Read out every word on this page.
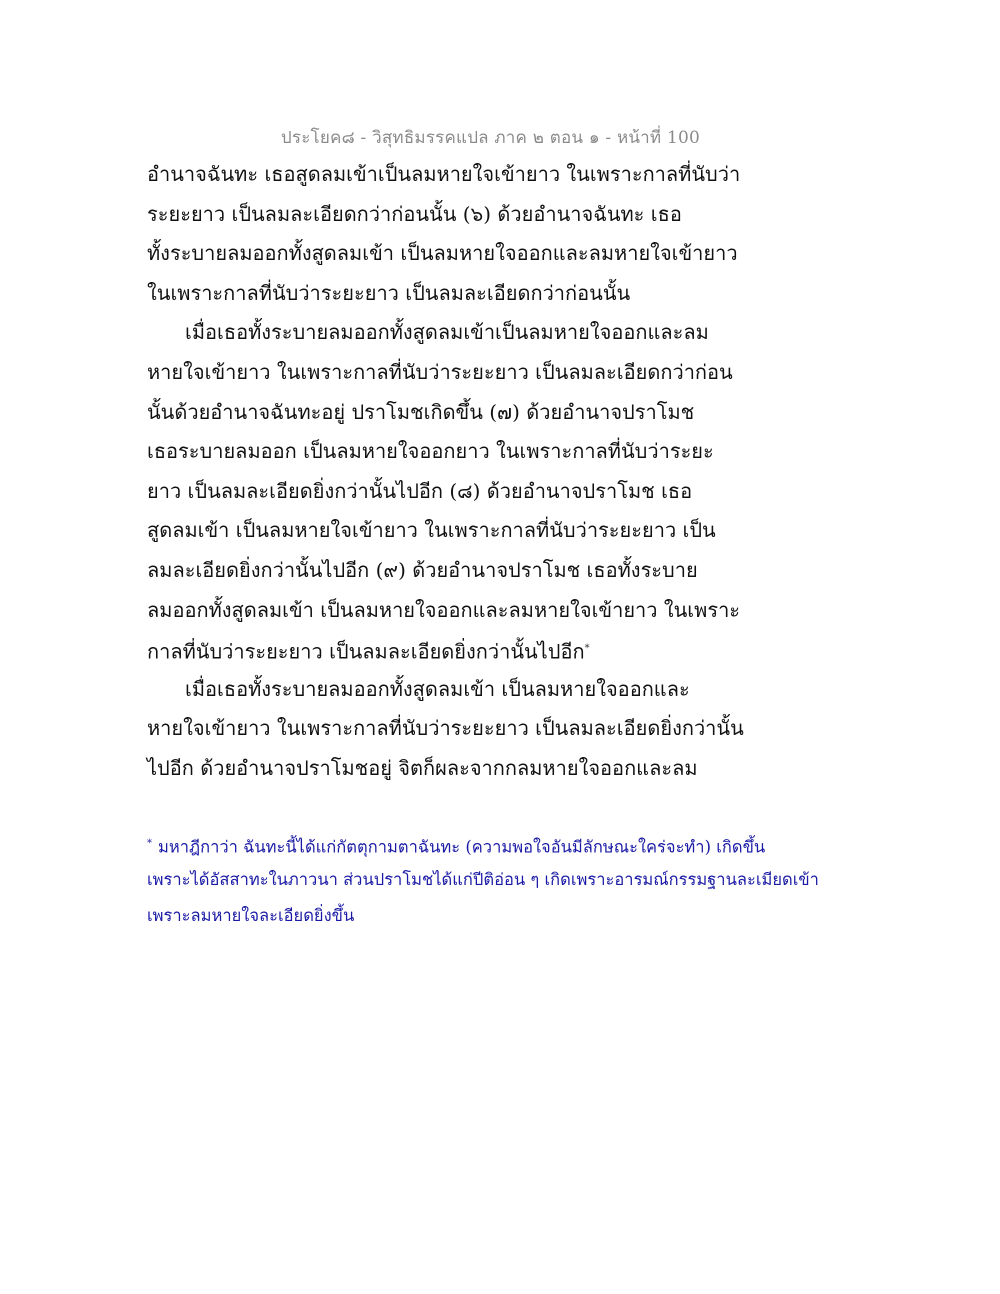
ประโยค๘ - วิสุทธิมรรคแปล ภาค ๒ ตอน ๑ - หน้าที่ 100
อำนาจฉันทะ เธอสูดลมเข้าเป็นลมหายใจเข้ายาว ในเพราะกาลที่นับว่า
ระยะยาว เป็นลมละเอียดกว่าก่อนนั้น (๖) ด้วยอำนาจฉันทะ เธอ
ทั้งระบายลมออกทั้งสูดลมเข้า เป็นลมหายใจออกและลมหายใจเข้ายาว
ในเพราะกาลที่นับว่าระยะยาว เป็นลมละเอียดกว่าก่อนนั้น
เมื่อเธอทั้งระบายลมออกทั้งสูดลมเข้าเป็นลมหายใจออกและลม
หายใจเข้ายาว ในเพราะกาลที่นับว่าระยะยาว เป็นลมละเอียดกว่าก่อน
นั้นด้วยอำนาจฉันทะอยู่ ปราโมชเกิดขึ้น (๗) ด้วยอำนาจปราโมช
เธอระบายลมออก เป็นลมหายใจออกยาว ในเพราะกาลที่นับว่าระยะ
ยาว เป็นลมละเอียดยิ่งกว่านั้นไปอีก (๘) ด้วยอำนาจปราโมช เธอ
สูดลมเข้า เป็นลมหายใจเข้ายาว ในเพราะกาลที่นับว่าระยะยาว เป็น
ลมละเอียดยิ่งกว่านั้นไปอีก (๙) ด้วยอำนาจปราโมช เธอทั้งระบาย
ลมออกทั้งสูดลมเข้า เป็นลมหายใจออกและลมหายใจเข้ายาว ในเพราะ
กาลที่นับว่าระยะยาว เป็นลมละเอียดยิ่งกว่านั้นไปอีก*
เมื่อเธอทั้งระบายลมออกทั้งสูดลมเข้า เป็นลมหายใจออกและ
หายใจเข้ายาว ในเพราะกาลที่นับว่าระยะยาว เป็นลมละเอียดยิ่งกว่านั้น
ไปอีก ด้วยอำนาจปราโมชอยู่ จิตก็ผละจากกลมหายใจออกและลม
* มหาฎีกาว่า ฉันทะนี้ได้แก่กัตตุกามตาฉันทะ (ความพอใจอันมีลักษณะใคร่จะทำ) เกิดขึ้น
เพราะได้อัสสาทะในภาวนา ส่วนปราโมชได้แก่ปีติอ่อน ๆ เกิดเพราะอารมณ์กรรมฐานละเมียดเข้า
เพราะลมหายใจละเอียดยิ่งขึ้น
